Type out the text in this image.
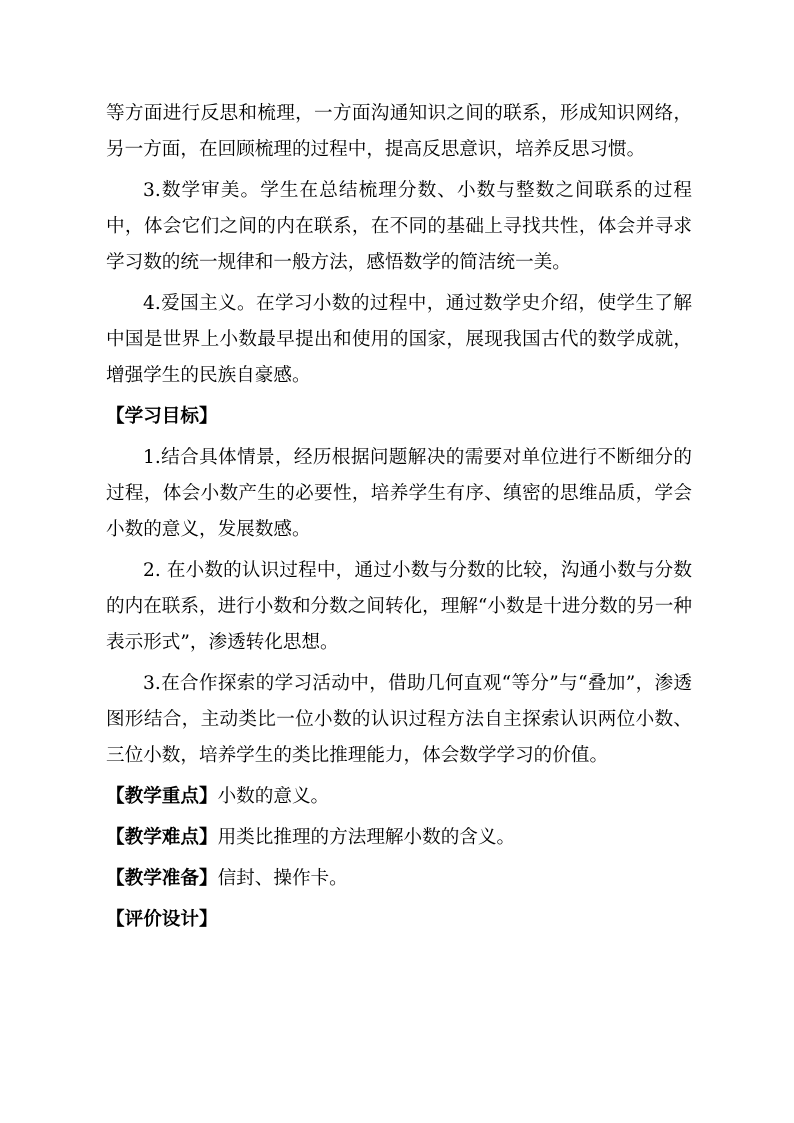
等方面进行反思和梳理，一方面沟通知识之间的联系，形成知识网络，另一方面，在回顾梳理的过程中，提高反思意识，培养反思习惯。

3.数学审美。学生在总结梳理分数、小数与整数之间联系的过程中，体会它们之间的内在联系，在不同的基础上寻找共性，体会并寻求学习数的统一规律和一般方法，感悟数学的简洁统一美。

4.爱国主义。在学习小数的过程中，通过数学史介绍，使学生了解中国是世界上小数最早提出和使用的国家，展现我国古代的数学成就，增强学生的民族自豪感。

【学习目标】

1.结合具体情景，经历根据问题解决的需要对单位进行不断细分的过程，体会小数产生的必要性，培养学生有序、缜密的思维品质，学会小数的意义，发展数感。

2. 在小数的认识过程中，通过小数与分数的比较，沟通小数与分数的内在联系，进行小数和分数之间转化，理解“小数是十进分数的另一种表示形式”，渗透转化思想。

3.在合作探索的学习活动中，借助几何直观“等分”与“叠加”，渗透图形结合，主动类比一位小数的认识过程方法自主探索认识两位小数、三位小数，培养学生的类比推理能力，体会数学学习的价值。

【教学重点】小数的意义。
【教学难点】用类比推理的方法理解小数的含义。
【教学准备】信封、操作卡。
【评价设计】
